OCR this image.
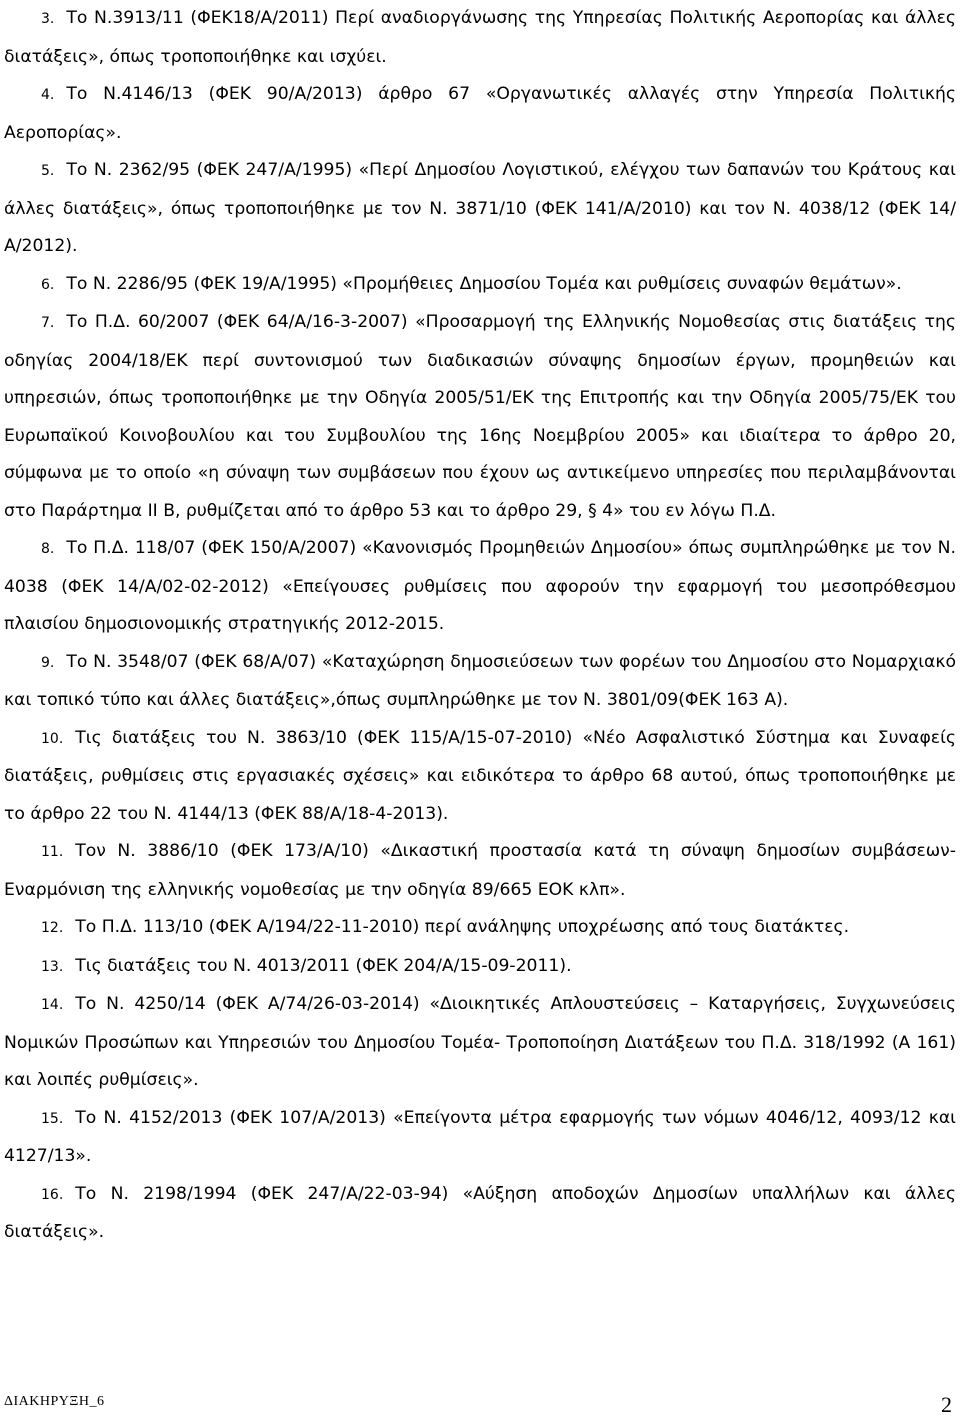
3. Το Ν.3913/11 (ΦΕΚ18/Α/2011) Περί αναδιοργάνωσης της Υπηρεσίας Πολιτικής Αεροπορίας και άλλες διατάξεις», όπως τροποποιήθηκε και ισχύει.

4. Το Ν.4146/13 (ΦΕΚ 90/Α/2013) άρθρο 67 «Οργανωτικές αλλαγές στην Υπηρεσία Πολιτικής Αεροπορίας».

5. Το Ν. 2362/95 (ΦΕΚ 247/Α/1995) «Περί Δημοσίου Λογιστικού, ελέγχου των δαπανών του Κράτους και άλλες διατάξεις», όπως τροποποιήθηκε με τον Ν. 3871/10 (ΦΕΚ 141/Α/2010) και τον Ν. 4038/12 (ΦΕΚ 14/Α/2012).

6. Το Ν. 2286/95 (ΦΕΚ 19/Α/1995) «Προμήθειες Δημοσίου Τομέα και ρυθμίσεις συναφών θεμάτων».

7. Το Π.Δ. 60/2007 (ΦΕΚ 64/Α/16-3-2007) «Προσαρμογή της Ελληνικής Νομοθεσίας στις διατάξεις της οδηγίας 2004/18/ΕΚ περί συντονισμού των διαδικασιών σύναψης δημοσίων έργων, προμηθειών και υπηρεσιών, όπως τροποποιήθηκε με την Οδηγία 2005/51/ΕΚ της Επιτροπής και την Οδηγία 2005/75/ΕΚ του Ευρωπαϊκού Κοινοβουλίου και του Συμβουλίου της 16ης Νοεμβρίου 2005» και ιδιαίτερα το άρθρο 20, σύμφωνα με το οποίο «η σύναψη των συμβάσεων που έχουν ως αντικείμενο υπηρεσίες που περιλαμβάνονται στο Παράρτημα ΙΙ Β, ρυθμίζεται από το άρθρο 53 και το άρθρο 29, § 4» του εν λόγω Π.Δ.

8. Το Π.Δ. 118/07 (ΦΕΚ 150/Α/2007) «Κανονισμός Προμηθειών Δημοσίου» όπως συμπληρώθηκε με τον Ν. 4038 (ΦΕΚ 14/Α/02-02-2012) «Επείγουσες ρυθμίσεις που αφορούν την εφαρμογή του μεσοπρόθεσμου πλαισίου δημοσιονομικής στρατηγικής 2012-2015.

9. Το Ν. 3548/07 (ΦΕΚ 68/Α/07) «Καταχώρηση δημοσιεύσεων των φορέων του Δημοσίου στο Νομαρχιακό και τοπικό τύπο και άλλες διατάξεις»,όπως συμπληρώθηκε με τον Ν. 3801/09(ΦΕΚ 163 Α).

10. Τις διατάξεις του Ν. 3863/10 (ΦΕΚ 115/Α/15-07-2010) «Νέο Ασφαλιστικό Σύστημα και Συναφείς διατάξεις, ρυθμίσεις στις εργασιακές σχέσεις» και ειδικότερα το άρθρο 68 αυτού, όπως τροποποιήθηκε με το άρθρο 22 του Ν. 4144/13 (ΦΕΚ 88/Α/18-4-2013).

11. Τον Ν. 3886/10 (ΦΕΚ 173/Α/10) «Δικαστική προστασία κατά τη σύναψη δημοσίων συμβάσεων- Εναρμόνιση της ελληνικής νομοθεσίας με την οδηγία 89/665 ΕΟΚ κλπ».

12. Το Π.Δ. 113/10 (ΦΕΚ Α/194/22-11-2010) περί ανάληψης υποχρέωσης από τους διατάκτες.

13. Τις διατάξεις του Ν. 4013/2011 (ΦΕΚ 204/Α/15-09-2011).

14. Το Ν. 4250/14 (ΦΕΚ Α/74/26-03-2014) «Διοικητικές Απλουστεύσεις – Καταργήσεις, Συγχωνεύσεις Νομικών Προσώπων και Υπηρεσιών του Δημοσίου Τομέα- Τροποποίηση Διατάξεων του Π.Δ. 318/1992 (Α 161) και λοιπές ρυθμίσεις».

15. Το Ν. 4152/2013 (ΦΕΚ 107/Α/2013) «Επείγοντα μέτρα εφαρμογής των νόμων 4046/12, 4093/12 και 4127/13».

16. Το Ν. 2198/1994 (ΦΕΚ 247/Α/22-03-94) «Αύξηση αποδοχών Δημοσίων υπαλλήλων και άλλες διατάξεις».

ΔΙΑΚΗΡΥΞΗ_6	2
